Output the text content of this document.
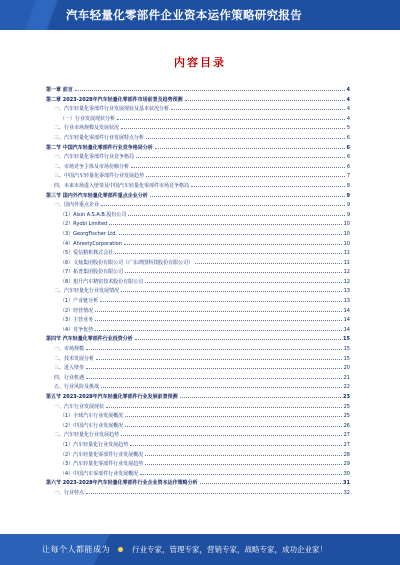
汽车轻量化零部件企业资本运作策略研究报告
内容目录
第一章 前言	4
第二章 2023-2028年汽车轻量化零部件市场前景及趋势预测	4
一、汽车轻量化零部件行业发展现状及基本状况分析	4
（一）行业发展现状分析	4
二、行业市场规模及发展状况	5
三、汽车轻量化零部件行业发展特点分析	6
第二节 中国汽车轻量化零部件行业竞争格局分析	6
一、汽车轻量化零部件行业竞争格局	6
二、市场竞争主体及市场份额分析	6
三、中国汽车轻量化零部件行业发展趋势	7
四、未来市场进入壁垒及中国汽车轻量化零部件市场竞争格局	8
第三节 国内外汽车轻量化零部件重点企业分析	9
一、国内外重点企业	9
（1）Aisin A.S.A.B.股份公司	9
（2）Ryobi Limited	10
（3）GeorgFischer Ltd.	10
（4）AhrestyCorporation	10
（5）爱信精机株式会社	11
（6）文灿集团股份有限公司（广东鸿图科技股份有限公司）	11
（7）拓普集团股份有限公司	12
（8）旭升汽车精密技术股份有限公司	12
二、汽车轻量化行业发展情况	13
（1）产业链分析	13
（2）经营情况	14
（3）主营业务	14
（4）竞争优势	14
第四节 汽车轻量化零部件行业投资分析	15
一、市场规模	15
二、技术发展分析	15
三、进入壁垒	20
四、行业机遇	21
五、行业风险及挑战	22
第五节 2023-2028年汽车轻量化零部件行业发展前景预测	23
一、汽车行业发展现状	25
（1）全球汽车行业发展概况	25
（2）中国汽车行业发展概况	26
二、汽车轻量化行业发展趋势	27
（1）汽车轻量化行业发展趋势	27
（2）汽车轻量化零部件行业发展概况	28
（3）汽车轻量化零部件行业发展趋势	29
（4）中国汽车零部件行业发展概况	30
第六节 2023-2028年汽车轻量化零部件行业企业资本运作策略分析	31
一、行业特点	32
让每个人都能成为	行业专家，管理专家，营销专家，战略专家，成功企业家！
